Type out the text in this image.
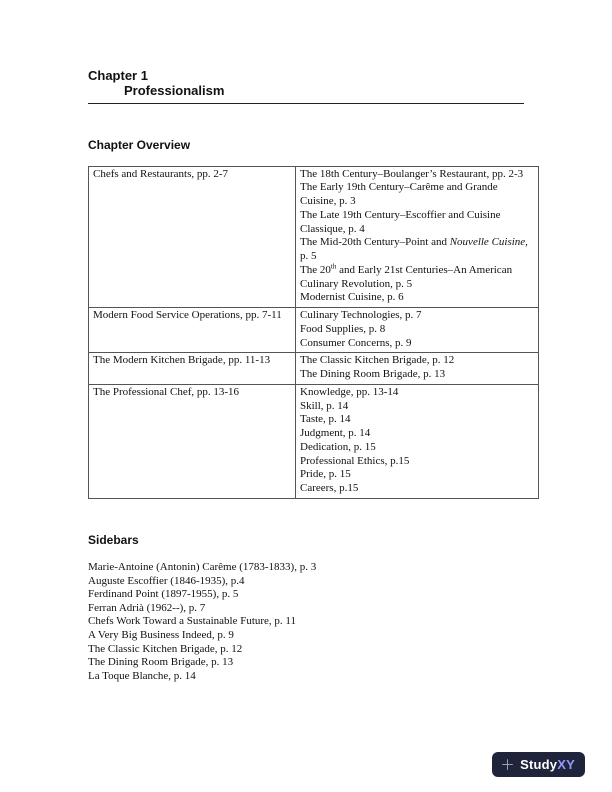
Chapter 1
Professionalism
Chapter Overview
Chefs and Restaurants, pp. 2-7	The 18th Century–Boulanger’s Restaurant, pp. 2-3
The Early 19th Century–Carême and Grande Cuisine, p. 3
The Late 19th Century–Escoffier and Cuisine Classique, p. 4
The Mid-20th Century–Point and Nouvelle Cuisine, p. 5
The 20th and Early 21st Centuries–An American Culinary Revolution, p. 5
Modernist Cuisine, p. 6

Modern Food Service Operations, pp. 7-11	Culinary Technologies, p. 7
Food Supplies, p. 8
Consumer Concerns, p. 9

The Modern Kitchen Brigade, pp. 11-13	The Classic Kitchen Brigade, p. 12
The Dining Room Brigade, p. 13

The Professional Chef, pp. 13-16	Knowledge, pp. 13-14
Skill, p. 14
Taste, p. 14
Judgment, p. 14
Dedication, p. 15
Professional Ethics, p.15
Pride, p. 15
Careers, p.15
Sidebars
Marie-Antoine (Antonin) Carême (1783-1833), p. 3
Auguste Escoffier (1846-1935), p.4
Ferdinand Point (1897-1955), p. 5
Ferran Adrià (1962--), p. 7
Chefs Work Toward a Sustainable Future, p. 11
A Very Big Business Indeed, p. 9
The Classic Kitchen Brigade, p. 12
The Dining Room Brigade, p. 13
La Toque Blanche, p. 14
StudyXY
